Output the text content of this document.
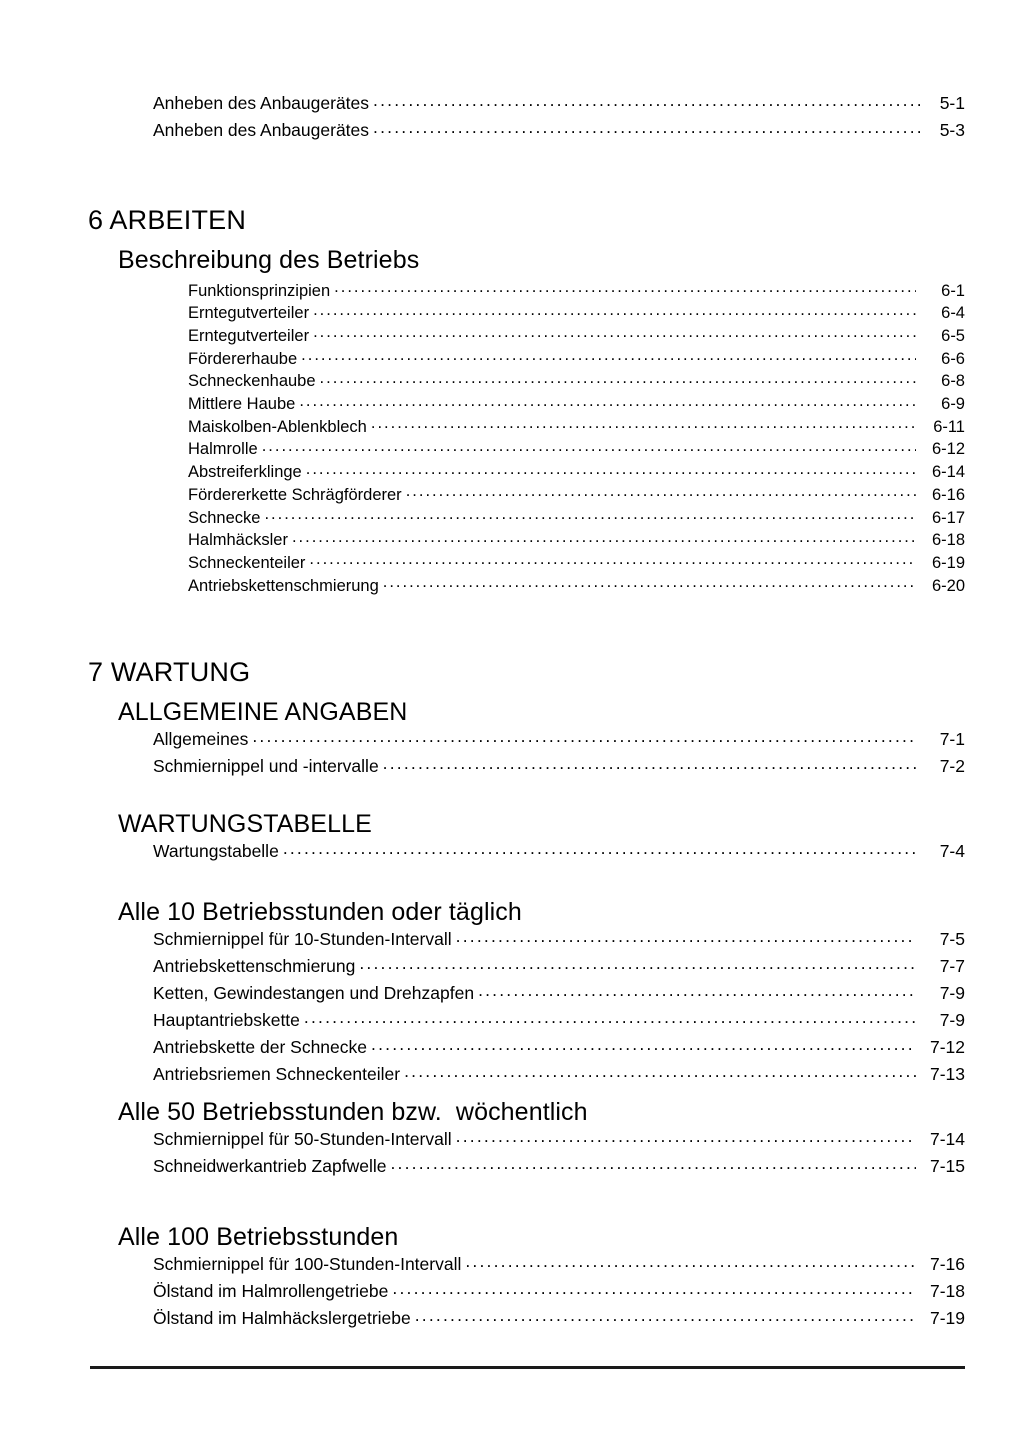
Anheben des Anbaugerätes .....	5-1
Anheben des Anbaugerätes .....	5-3
6 ARBEITEN
Beschreibung des Betriebs
Funktionsprinzipien .....	6-1
Erntegutverteiler .....	6-4
Erntegutverteiler .....	6-5
Fördererhaube .....	6-6
Schneckenhaube .....	6-8
Mittlere Haube .....	6-9
Maiskolben-Ablenkblech .....	6-11
Halmrolle .....	6-12
Abstreiferklinge .....	6-14
Fördererkette Schrägförderer .....	6-16
Schnecke .....	6-17
Halmhäcksler .....	6-18
Schneckenteiler .....	6-19
Antriebskettenschmierung .....	6-20
7 WARTUNG
ALLGEMEINE ANGABEN
Allgemeines .....	7-1
Schmiernippel und -intervalle .....	7-2
WARTUNGSTABELLE
Wartungstabelle .....	7-4
Alle 10 Betriebsstunden oder täglich
Schmiernippel für 10-Stunden-Intervall .....	7-5
Antriebskettenschmierung .....	7-7
Ketten, Gewindestangen und Drehzapfen .....	7-9
Hauptantriebskette .....	7-9
Antriebskette der Schnecke .....	7-12
Antriebsriemen Schneckenteiler .....	7-13
Alle 50 Betriebsstunden bzw.  wöchentlich
Schmiernippel für 50-Stunden-Intervall .....	7-14
Schneidwerkantrieb Zapfwelle .....	7-15
Alle 100 Betriebsstunden
Schmiernippel für 100-Stunden-Intervall .....	7-16
Ölstand im Halmrollengetriebe .....	7-18
Ölstand im Halmhäckslergetriebe .....	7-19
